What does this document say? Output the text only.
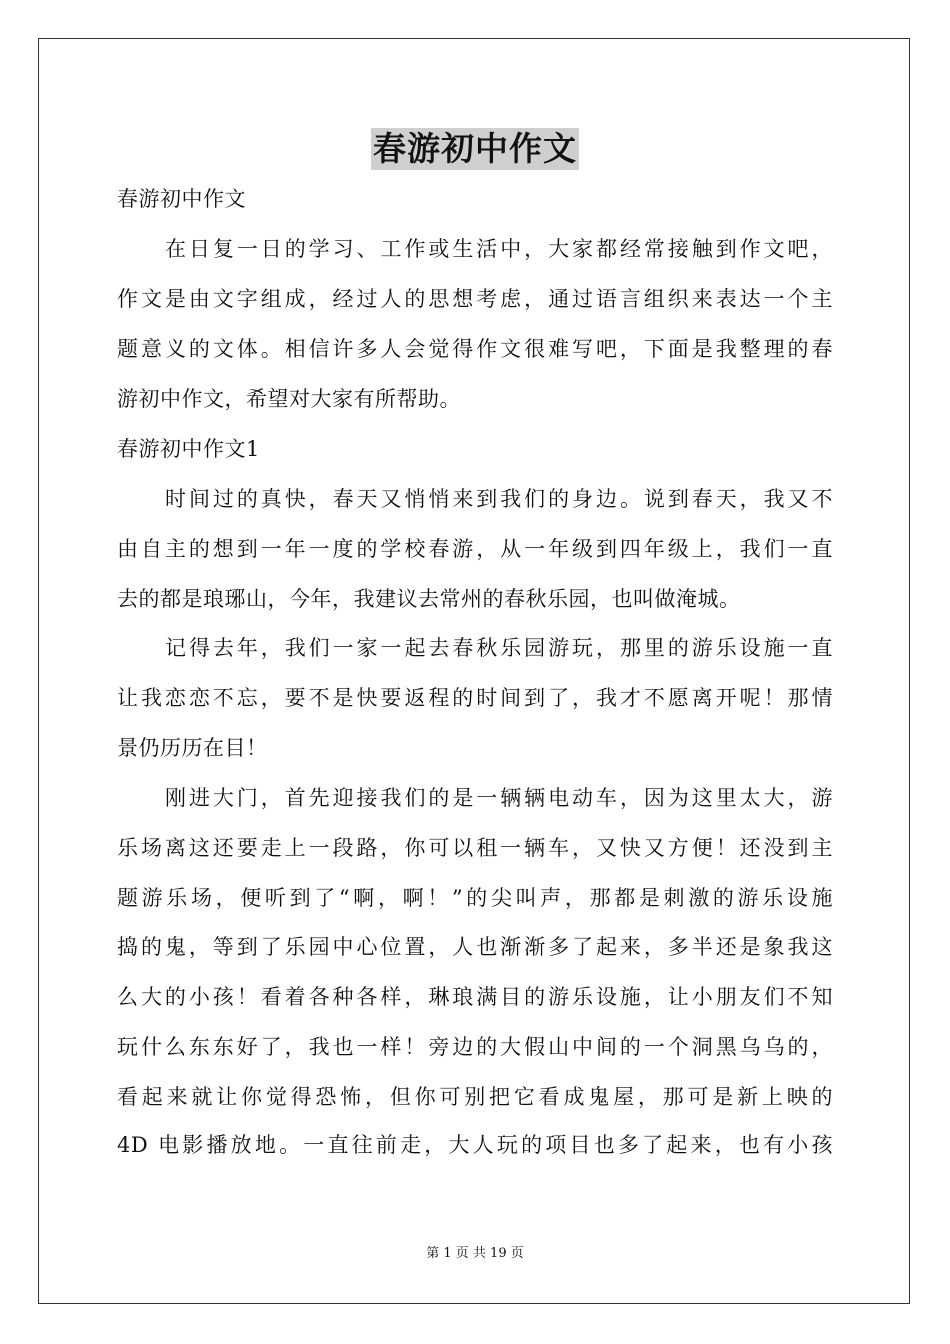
春游初中作文
春游初中作文
在日复一日的学习、工作或生活中，大家都经常接触到作文吧，
作文是由文字组成，经过人的思想考虑，通过语言组织来表达一个主
题意义的文体。相信许多人会觉得作文很难写吧，下面是我整理的春
游初中作文，希望对大家有所帮助。
春游初中作文1
时间过的真快，春天又悄悄来到我们的身边。说到春天，我又不
由自主的想到一年一度的学校春游，从一年级到四年级上，我们一直
去的都是琅琊山，今年，我建议去常州的春秋乐园，也叫做淹城。
记得去年，我们一家一起去春秋乐园游玩，那里的游乐设施一直
让我恋恋不忘，要不是快要返程的时间到了，我才不愿离开呢！那情
景仍历历在目！
刚进大门，首先迎接我们的是一辆辆电动车，因为这里太大，游
乐场离这还要走上一段路，你可以租一辆车，又快又方便！还没到主
题游乐场，便听到了“啊，啊！”的尖叫声，那都是刺激的游乐设施
捣的鬼，等到了乐园中心位置，人也渐渐多了起来，多半还是象我这
么大的小孩！看着各种各样，琳琅满目的游乐设施，让小朋友们不知
玩什么东东好了，我也一样！旁边的大假山中间的一个洞黑乌乌的，
看起来就让你觉得恐怖，但你可别把它看成鬼屋，那可是新上映的
4D 电影播放地。一直往前走，大人玩的项目也多了起来，也有小孩
第 1 页 共 19 页
